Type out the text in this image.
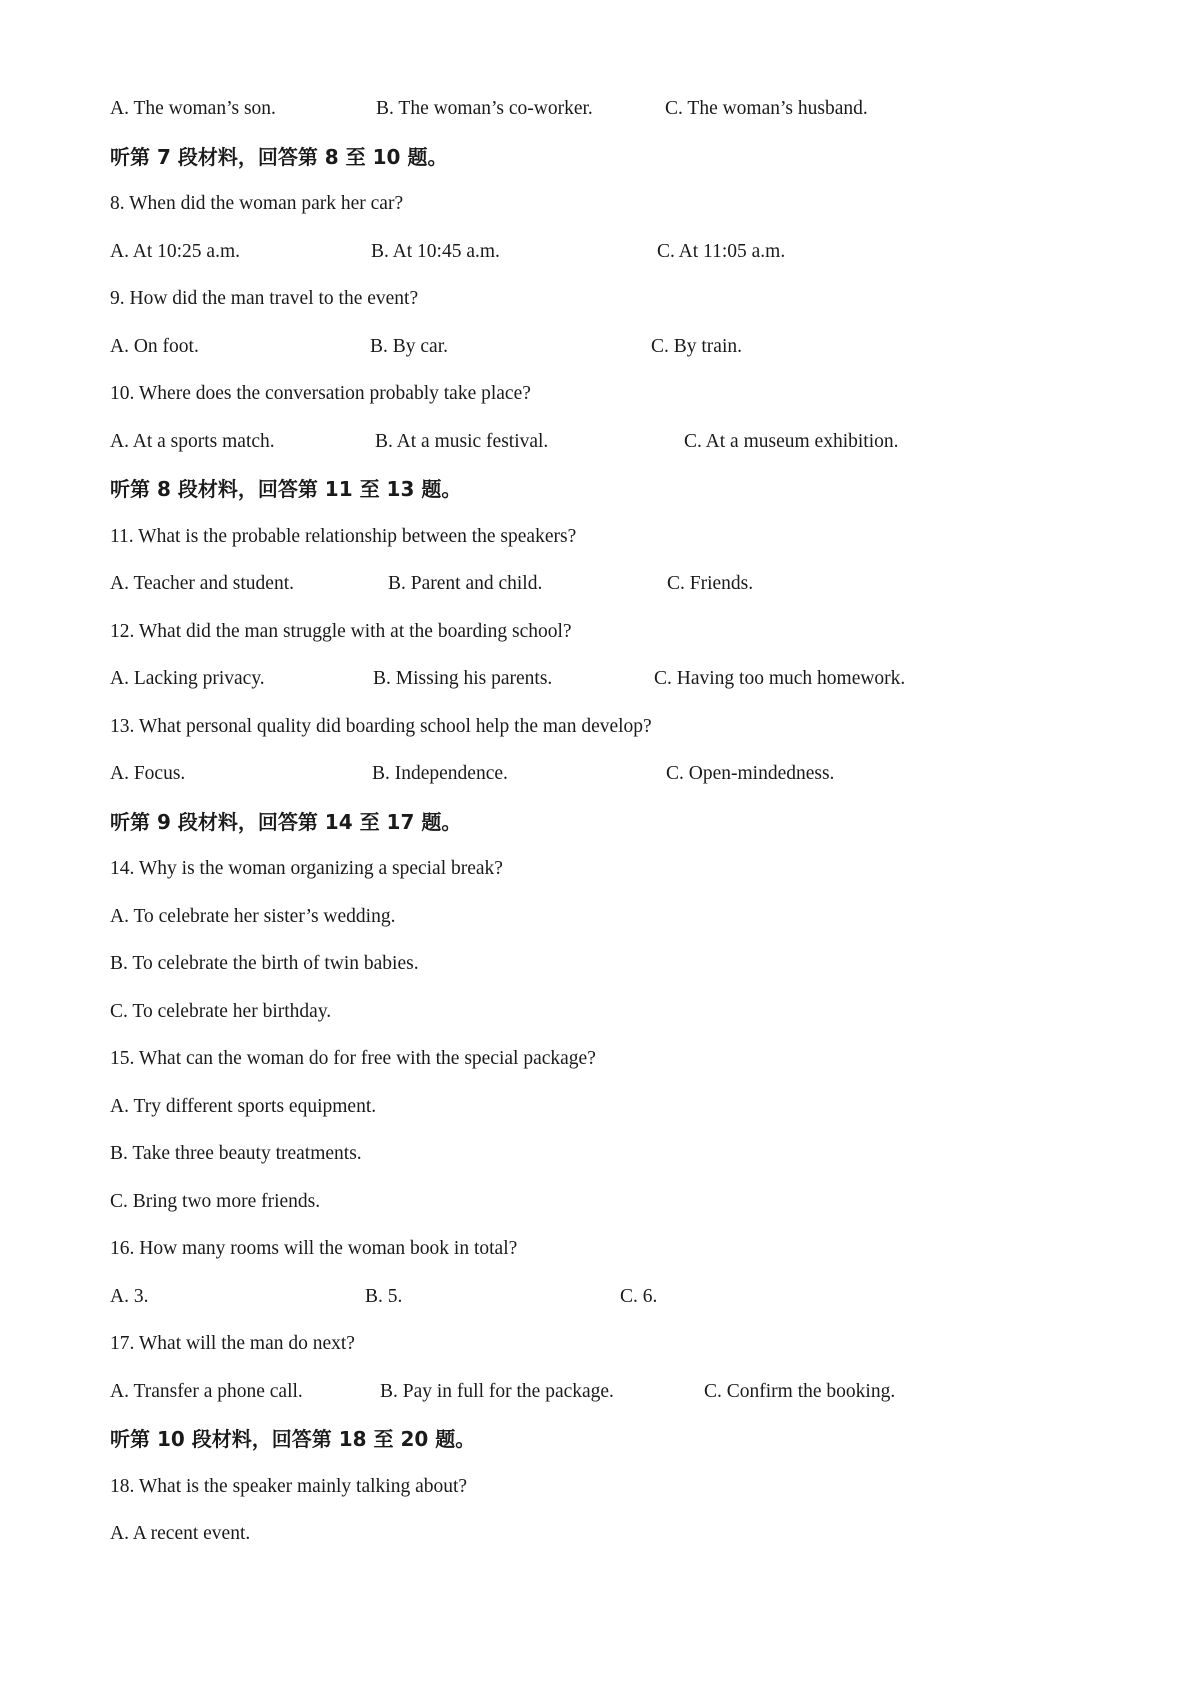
A. The woman’s son.	B. The woman’s co-worker.	C. The woman’s husband.
听第 7 段材料，回答第 8 至 10 题。
8. When did the woman park her car?
A. At 10:25 a.m.	B. At 10:45 a.m.	C. At 11:05 a.m.
9. How did the man travel to the event?
A. On foot.	B. By car.	C. By train.
10. Where does the conversation probably take place?
A. At a sports match.	B. At a music festival.	C. At a museum exhibition.
听第 8 段材料，回答第 11 至 13 题。
11. What is the probable relationship between the speakers?
A. Teacher and student.	B. Parent and child.	C. Friends.
12. What did the man struggle with at the boarding school?
A. Lacking privacy.	B. Missing his parents.	C. Having too much homework.
13. What personal quality did boarding school help the man develop?
A. Focus.	B. Independence.	C. Open-mindedness.
听第 9 段材料，回答第 14 至 17 题。
14. Why is the woman organizing a special break?
A. To celebrate her sister’s wedding.
B. To celebrate the birth of twin babies.
C. To celebrate her birthday.
15. What can the woman do for free with the special package?
A. Try different sports equipment.
B. Take three beauty treatments.
C. Bring two more friends.
16. How many rooms will the woman book in total?
A. 3.	B. 5.	C. 6.
17. What will the man do next?
A. Transfer a phone call.	B. Pay in full for the package.	C. Confirm the booking.
听第 10 段材料，回答第 18 至 20 题。
18. What is the speaker mainly talking about?
A. A recent event.
